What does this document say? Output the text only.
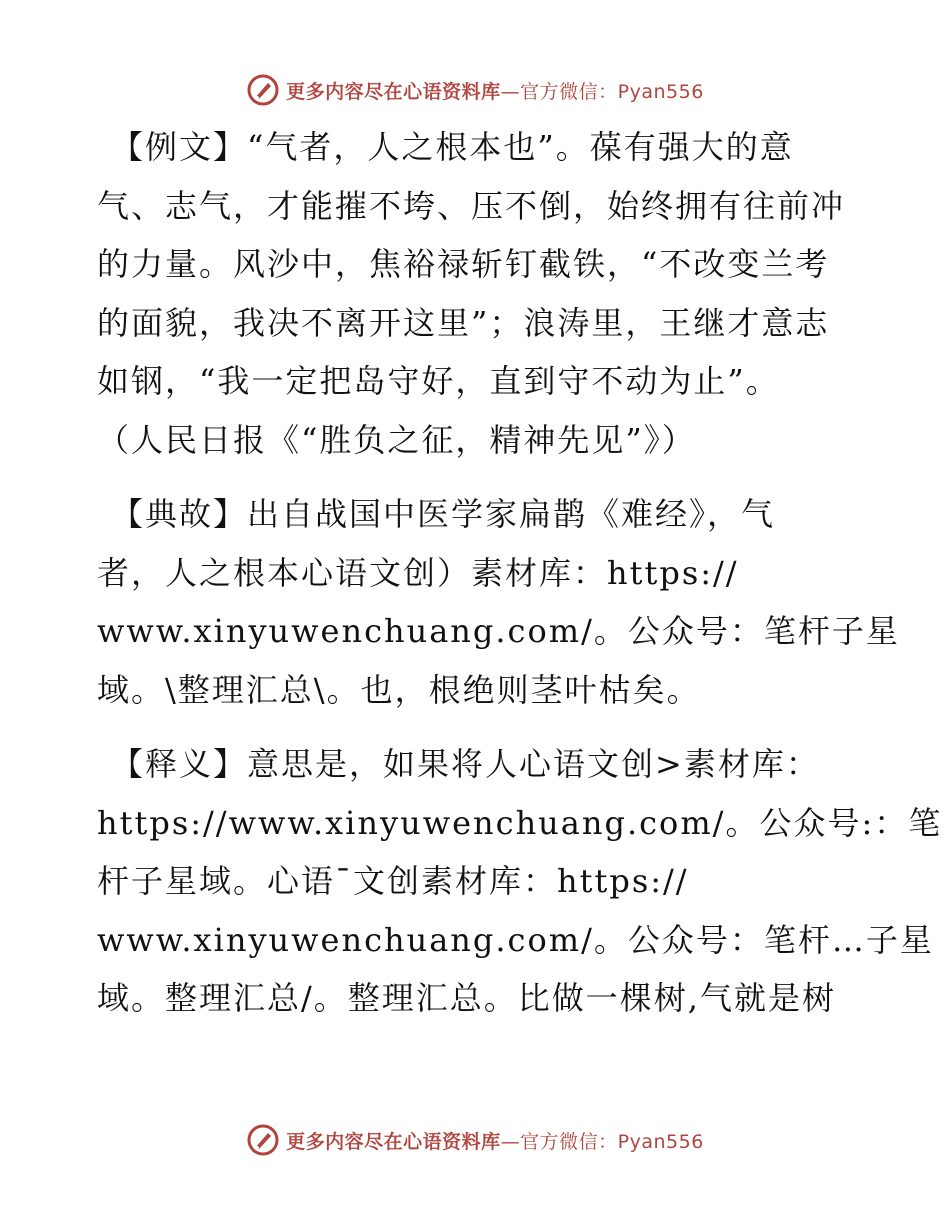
更多内容尽在心语资料库—官方微信：Pyan556
【例文】“气者，人之根本也”。葆有强大的意
气、志气，才能摧不垮、压不倒，始终拥有往前冲
的力量。风沙中，焦裕禄斩钉截铁，“不改变兰考
的面貌，我决不离开这里”；浪涛里，王继才意志
如钢，“我一定把岛守好，直到守不动为止”。
（人民日报《“胜负之征，精神先见”》）
【典故】出自战国中医学家扁鹊《难经》，气
者，人之根本心语文创）素材库：https://
www.xinyuwenchuang.com/。公众号：笔杆子星
域。\整理汇总\。也，根绝则茎叶枯矣。
【释义】意思是，如果将人心语文创>素材库：
https://www.xinyuwenchuang.com/。公众号:：笔
杆子星域。心语¯文创素材库：https://
www.xinyuwenchuang.com/。公众号：笔杆…子星
域。整理汇总/。整理汇总。比做一棵树,气就是树
更多内容尽在心语资料库—官方微信：Pyan556
